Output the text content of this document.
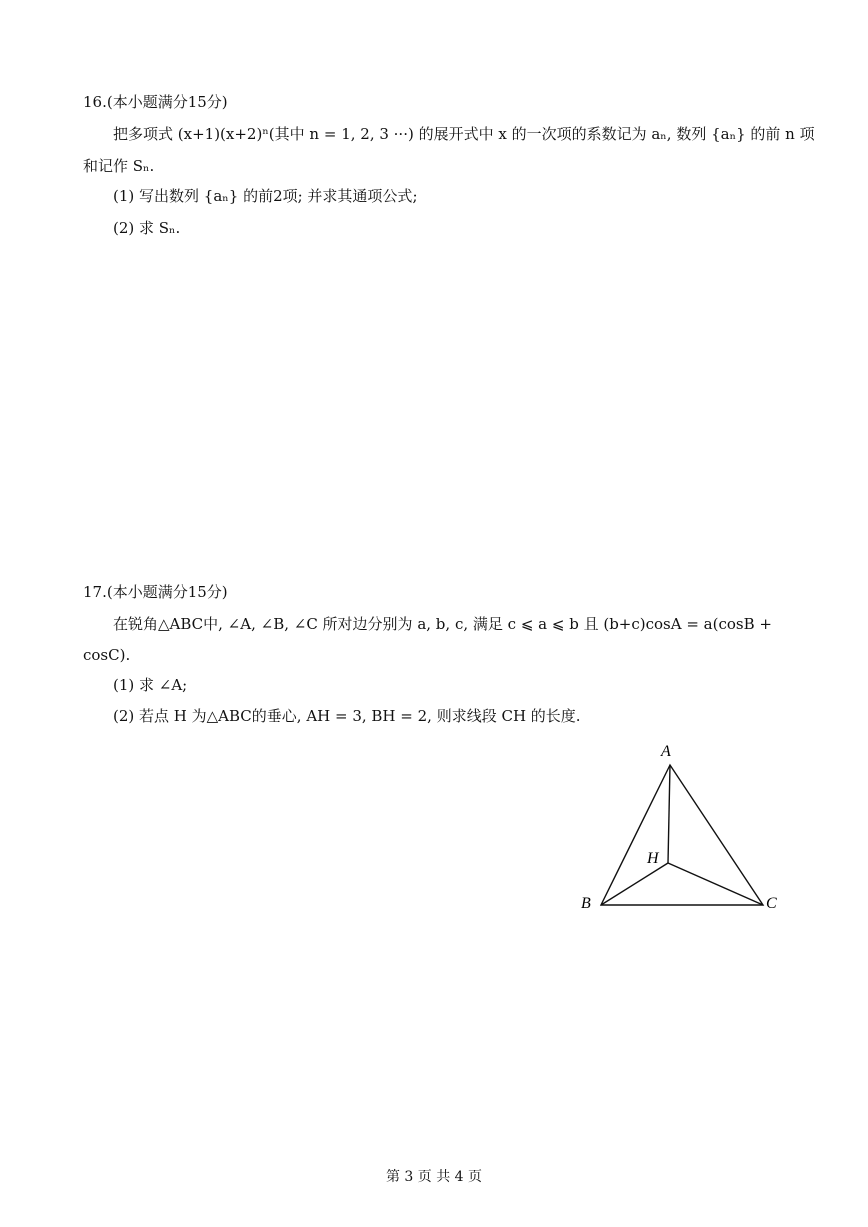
16.(本小题满分15分)
把多项式 (x+1)(x+2)ⁿ(其中 n = 1, 2, 3 ···) 的展开式中 x 的一次项的系数记为 aₙ, 数列 {aₙ} 的前 n 项
和记作 Sₙ.
(1) 写出数列 {aₙ} 的前2项; 并求其通项公式;
(2) 求 Sₙ.
17.(本小题满分15分)
在锐角△ABC中, ∠A, ∠B, ∠C 所对边分别为 a, b, c, 满足 c ⩽ a ⩽ b 且 (b+c)cosA = a(cosB +
cosC).
(1) 求 ∠A;
(2) 若点 H 为△ABC的垂心, AH = 3, BH = 2, 则求线段 CH 的长度.
A
B	C
H
第 3 页 共 4 页
